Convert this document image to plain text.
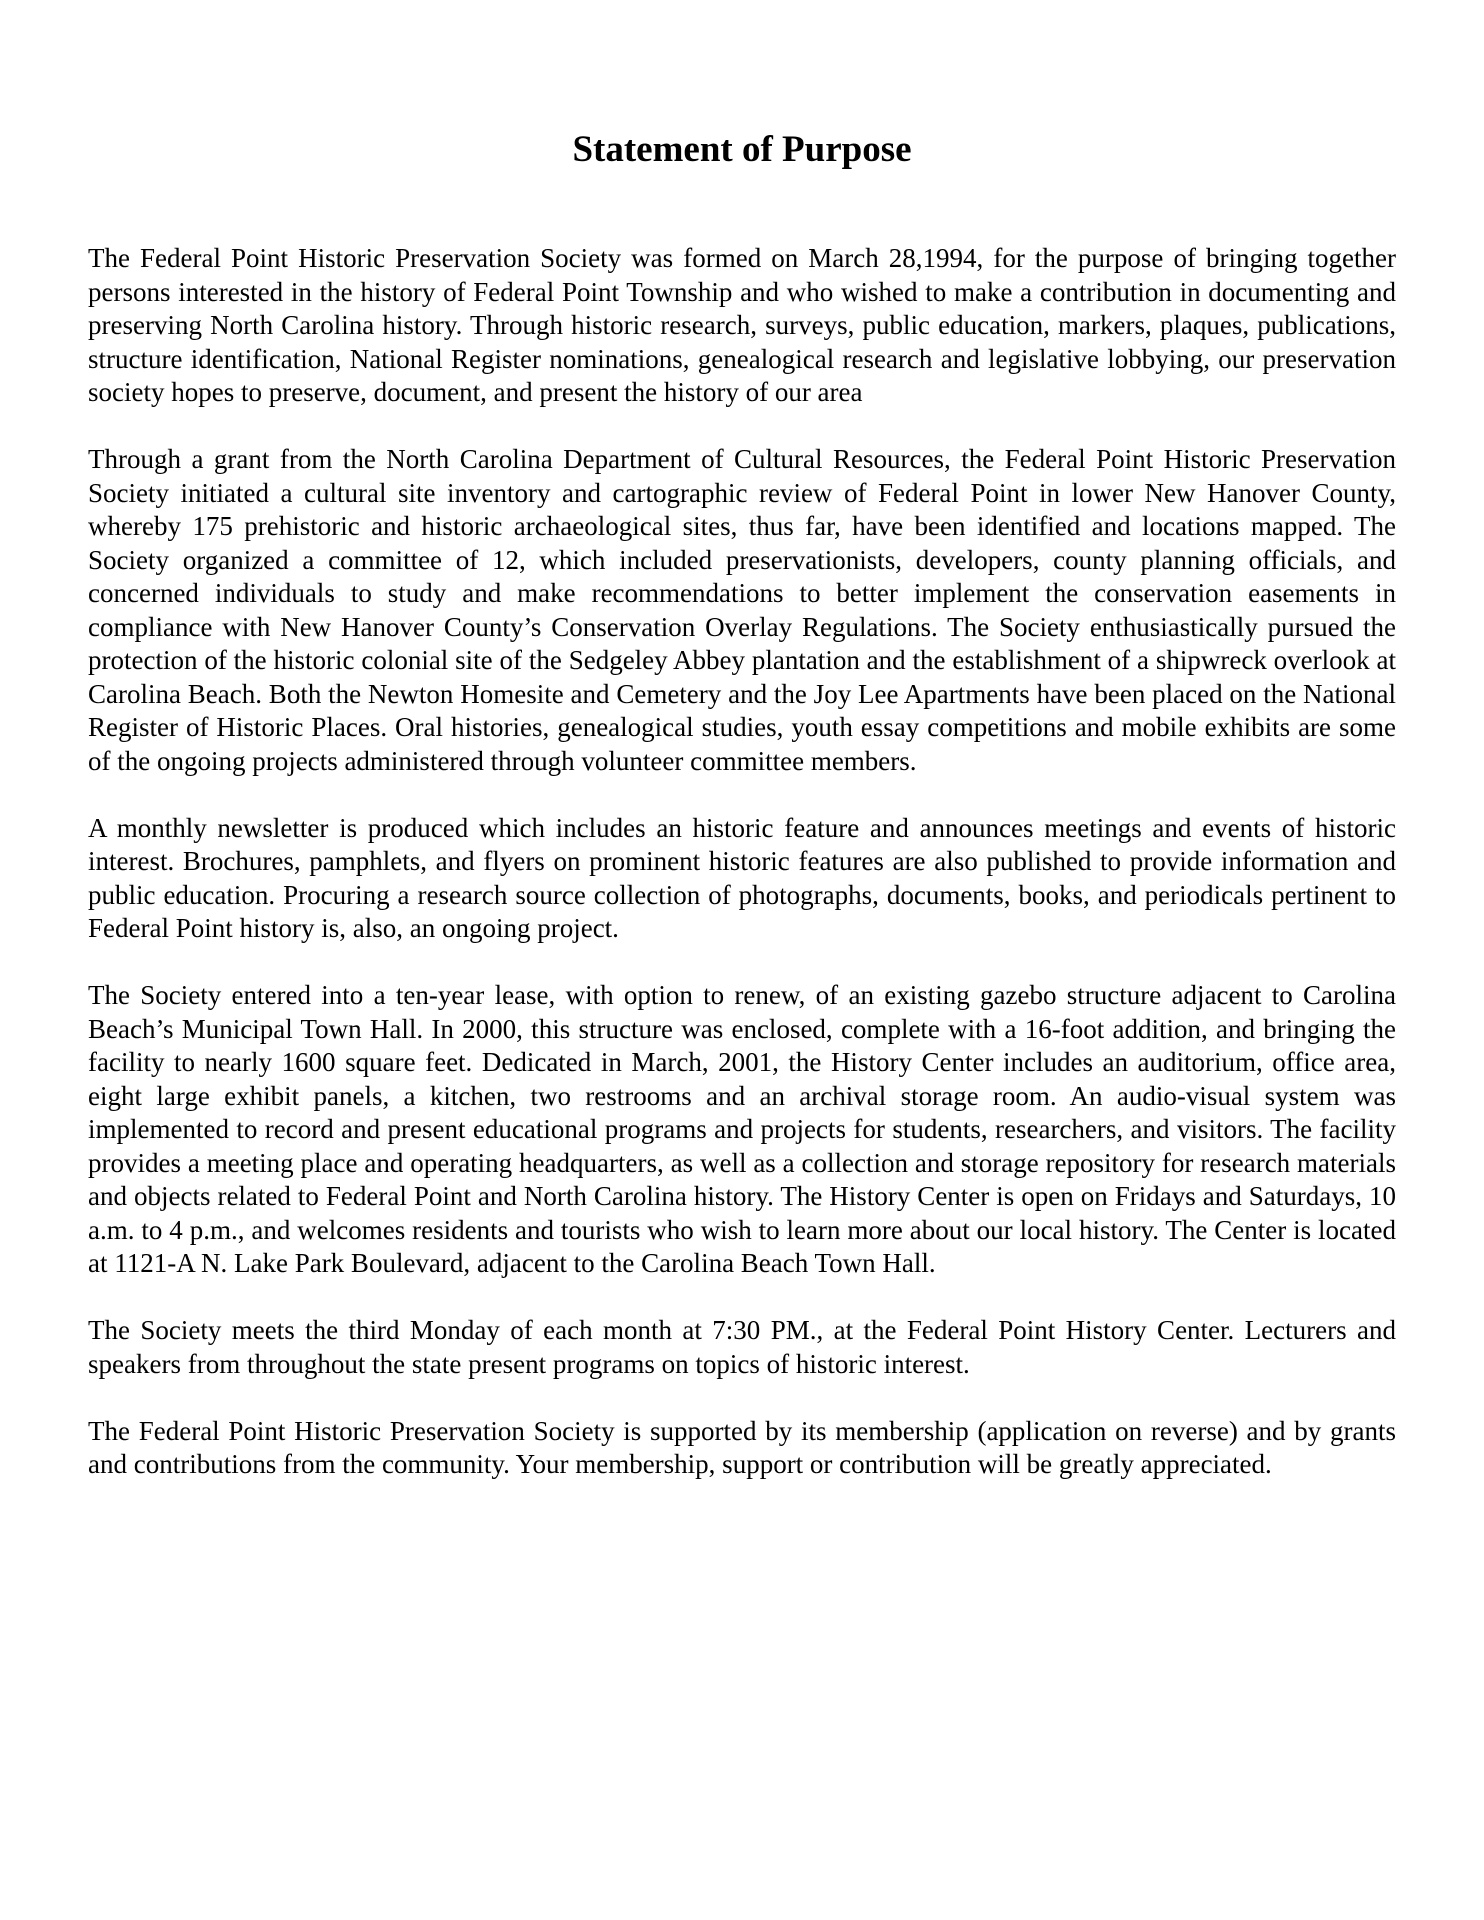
Statement of Purpose

The Federal Point Historic Preservation Society was formed on March 28,1994, for the purpose of bringing together persons interested in the history of Federal Point Township and who wished to make a contribution in documenting and preserving North Carolina history. Through historic research, surveys, public education, markers, plaques, publications, structure identification, National Register nominations, genealogical research and legislative lobbying, our preservation society hopes to preserve, document, and present the history of our area

Through a grant from the North Carolina Department of Cultural Resources, the Federal Point Historic Preservation Society initiated a cultural site inventory and cartographic review of Federal Point in lower New Hanover County, whereby 175 prehistoric and historic archaeological sites, thus far, have been identified and locations mapped. The Society organized a committee of 12, which included preservationists, developers, county planning officials, and concerned individuals to study and make recommendations to better implement the conservation easements in compliance with New Hanover County’s Conservation Overlay Regulations. The Society enthusiastically pursued the protection of the historic colonial site of the Sedgeley Abbey plantation and the establishment of a shipwreck overlook at Carolina Beach. Both the Newton Homesite and Cemetery and the Joy Lee Apartments have been placed on the National Register of Historic Places. Oral histories, genealogical studies, youth essay competitions and mobile exhibits are some of the ongoing projects administered through volunteer committee members.

A monthly newsletter is produced which includes an historic feature and announces meetings and events of historic interest. Brochures, pamphlets, and flyers on prominent historic features are also published to provide information and public education. Procuring a research source collection of photographs, documents, books, and periodicals pertinent to Federal Point history is, also, an ongoing project.

The Society entered into a ten-year lease, with option to renew, of an existing gazebo structure adjacent to Carolina Beach’s Municipal Town Hall. In 2000, this structure was enclosed, complete with a 16-foot addition, and bringing the facility to nearly 1600 square feet. Dedicated in March, 2001, the History Center includes an auditorium, office area, eight large exhibit panels, a kitchen, two restrooms and an archival storage room. An audio-visual system was implemented to record and present educational programs and projects for students, researchers, and visitors. The facility provides a meeting place and operating headquarters, as well as a collection and storage repository for research materials and objects related to Federal Point and North Carolina history. The History Center is open on Fridays and Saturdays, 10 a.m. to 4 p.m., and welcomes residents and tourists who wish to learn more about our local history. The Center is located at 1121-A N. Lake Park Boulevard, adjacent to the Carolina Beach Town Hall.

The Society meets the third Monday of each month at 7:30 PM., at the Federal Point History Center. Lecturers and speakers from throughout the state present programs on topics of historic interest.

The Federal Point Historic Preservation Society is supported by its membership (application on reverse) and by grants and contributions from the community. Your membership, support or contribution will be greatly appreciated.
